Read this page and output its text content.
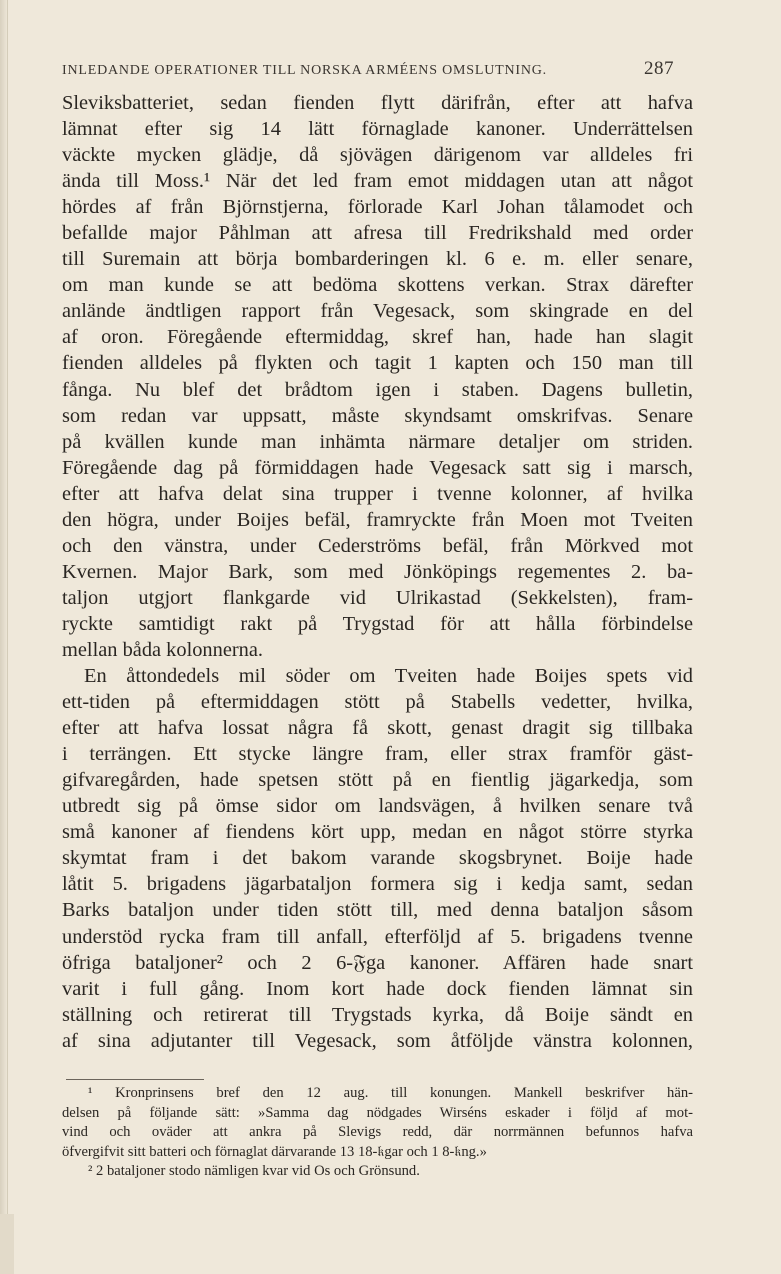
INLEDANDE OPERATIONER TILL NORSKA ARMÉENS OMSLUTNING.	287
Sleviksbatteriet, sedan fienden flytt därifrån, efter att hafva
lämnat efter sig 14 lätt förnaglade kanoner. Underrättelsen
väckte mycken glädje, då sjövägen därigenom var alldeles fri
ända till Moss.¹ När det led fram emot middagen utan att något
hördes af från Björnstjerna, förlorade Karl Johan tålamodet och
befallde major Påhlman att afresa till Fredrikshald med order
till Suremain att börja bombarderingen kl. 6 e. m. eller senare,
om man kunde se att bedöma skottens verkan. Strax därefter
anlände ändtligen rapport från Vegesack, som skingrade en del
af oron. Föregående eftermiddag, skref han, hade han slagit
fienden alldeles på flykten och tagit 1 kapten och 150 man till
fånga. Nu blef det brådtom igen i staben. Dagens bulletin,
som redan var uppsatt, måste skyndsamt omskrifvas. Senare
på kvällen kunde man inhämta närmare detaljer om striden.
Föregående dag på förmiddagen hade Vegesack satt sig i marsch,
efter att hafva delat sina trupper i tvenne kolonner, af hvilka
den högra, under Boijes befäl, framryckte från Moen mot Tveiten
och den vänstra, under Cederströms befäl, från Mörkved mot
Kvernen. Major Bark, som med Jönköpings regementes 2. ba-
taljon utgjort flankgarde vid Ulrikastad (Sekkelsten), fram-
ryckte samtidigt rakt på Trygstad för att hålla förbindelse
mellan båda kolonnerna.
En åttondedels mil söder om Tveiten hade Boijes spets vid
ett-tiden på eftermiddagen stött på Stabells vedetter, hvilka,
efter att hafva lossat några få skott, genast dragit sig tillbaka
i terrängen. Ett stycke längre fram, eller strax framför gäst-
gifvaregården, hade spetsen stött på en fientlig jägarkedja, som
utbredt sig på ömse sidor om landsvägen, å hvilken senare två
små kanoner af fiendens kört upp, medan en något större styrka
skymtat fram i det bakom varande skogsbrynet. Boije hade
låtit 5. brigadens jägarbataljon formera sig i kedja samt, sedan
Barks bataljon under tiden stött till, med denna bataljon såsom
understöd rycka fram till anfall, efterföljd af 5. brigadens tvenne
öfriga bataljoner² och 2 6-𝔉ga kanoner. Affären hade snart
varit i full gång. Inom kort hade dock fienden lämnat sin
ställning och retirerat till Trygstads kyrka, då Boije sändt en
af sina adjutanter till Vegesack, som åtföljde vänstra kolonnen,
¹ Kronprinsens bref den 12 aug. till konungen. Mankell beskrifver hän-
delsen på följande sätt: »Samma dag nödgades Wirséns eskader i följd af mot-
vind och oväder att ankra på Slevigs redd, där norrmännen befunnos hafva
öfvergifvit sitt batteri och förnaglat därvarande 13 18-𝔨gar och 1 8-𝔨ng.»
² 2 bataljoner stodo nämligen kvar vid Os och Grönsund.
